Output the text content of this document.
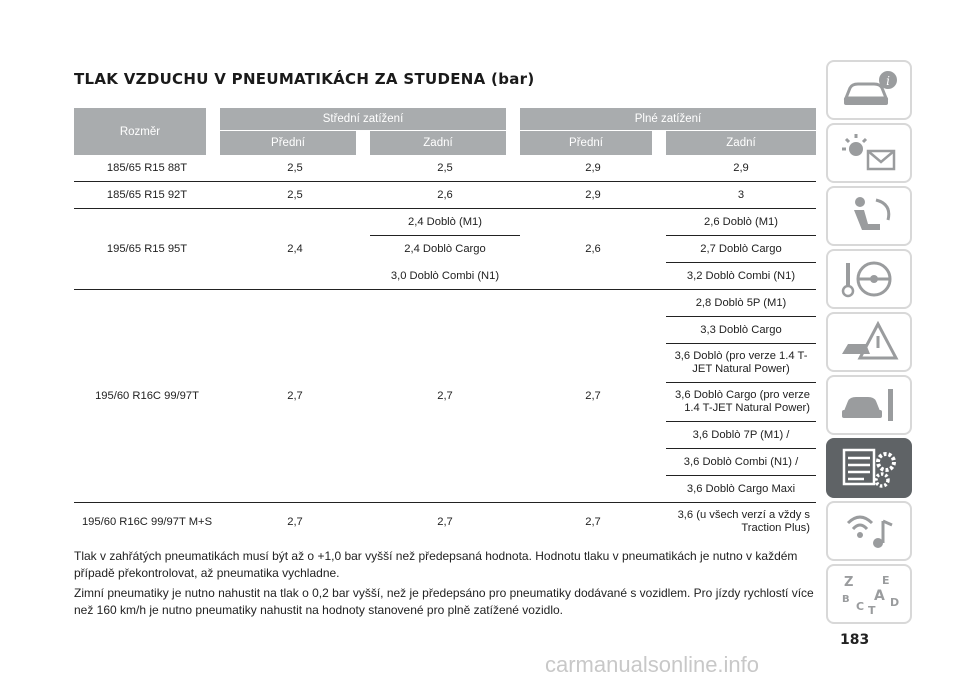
TLAK VZDUCHU V PNEUMATIKÁCH ZA STUDENA (bar)
Rozměr	Střední zatížení		Plné zatížení	
	Přední	Zadní	Přední	Zadní
185/65 R15 88T	2,5	2,5	2,9	2,9
185/65 R15 92T	2,5	2,6	2,9	3
195/65 R15 95T	2,4	2,4 Doblò (M1)	2,6	2,6 Doblò (M1)
		2,4 Doblò Cargo		2,7 Doblò Cargo
		3,0 Doblò Combi (N1)		3,2 Doblò Combi (N1)
195/60 R16C 99/97T	2,7	2,7	2,7	2,8 Doblò 5P (M1)
				3,3 Doblò Cargo
				3,6 Doblò (pro verze 1.4 T-JET Natural Power)
				3,6 Doblò Cargo (pro verze 1.4 T-JET Natural Power)
				3,6 Doblò 7P (M1) /
				3,6 Doblò Combi (N1) /
				3,6 Doblò Cargo Maxi
195/60 R16C 99/97T M+S	2,7	2,7	2,7	3,6 (u všech verzí a vždy s Traction Plus)

Tlak v zahřátých pneumatikách musí být až o +1,0 bar vyšší než předepsaná hodnota. Hodnotu tlaku v pneumatikách je nutno v každém případě překontrolovat, až pneumatika vychladne.

Zimní pneumatiky je nutno nahustit na tlak o 0,2 bar vyšší, než je předepsáno pro pneumatiky dodávané s vozidlem. Pro jízdy rychlostí více než 160 km/h je nutno pneumatiky nahustit na hodnoty stanovené pro plně zatížené vozidlo.

i
Z	E
B A
C D
T
183
carmanualsonline.info
